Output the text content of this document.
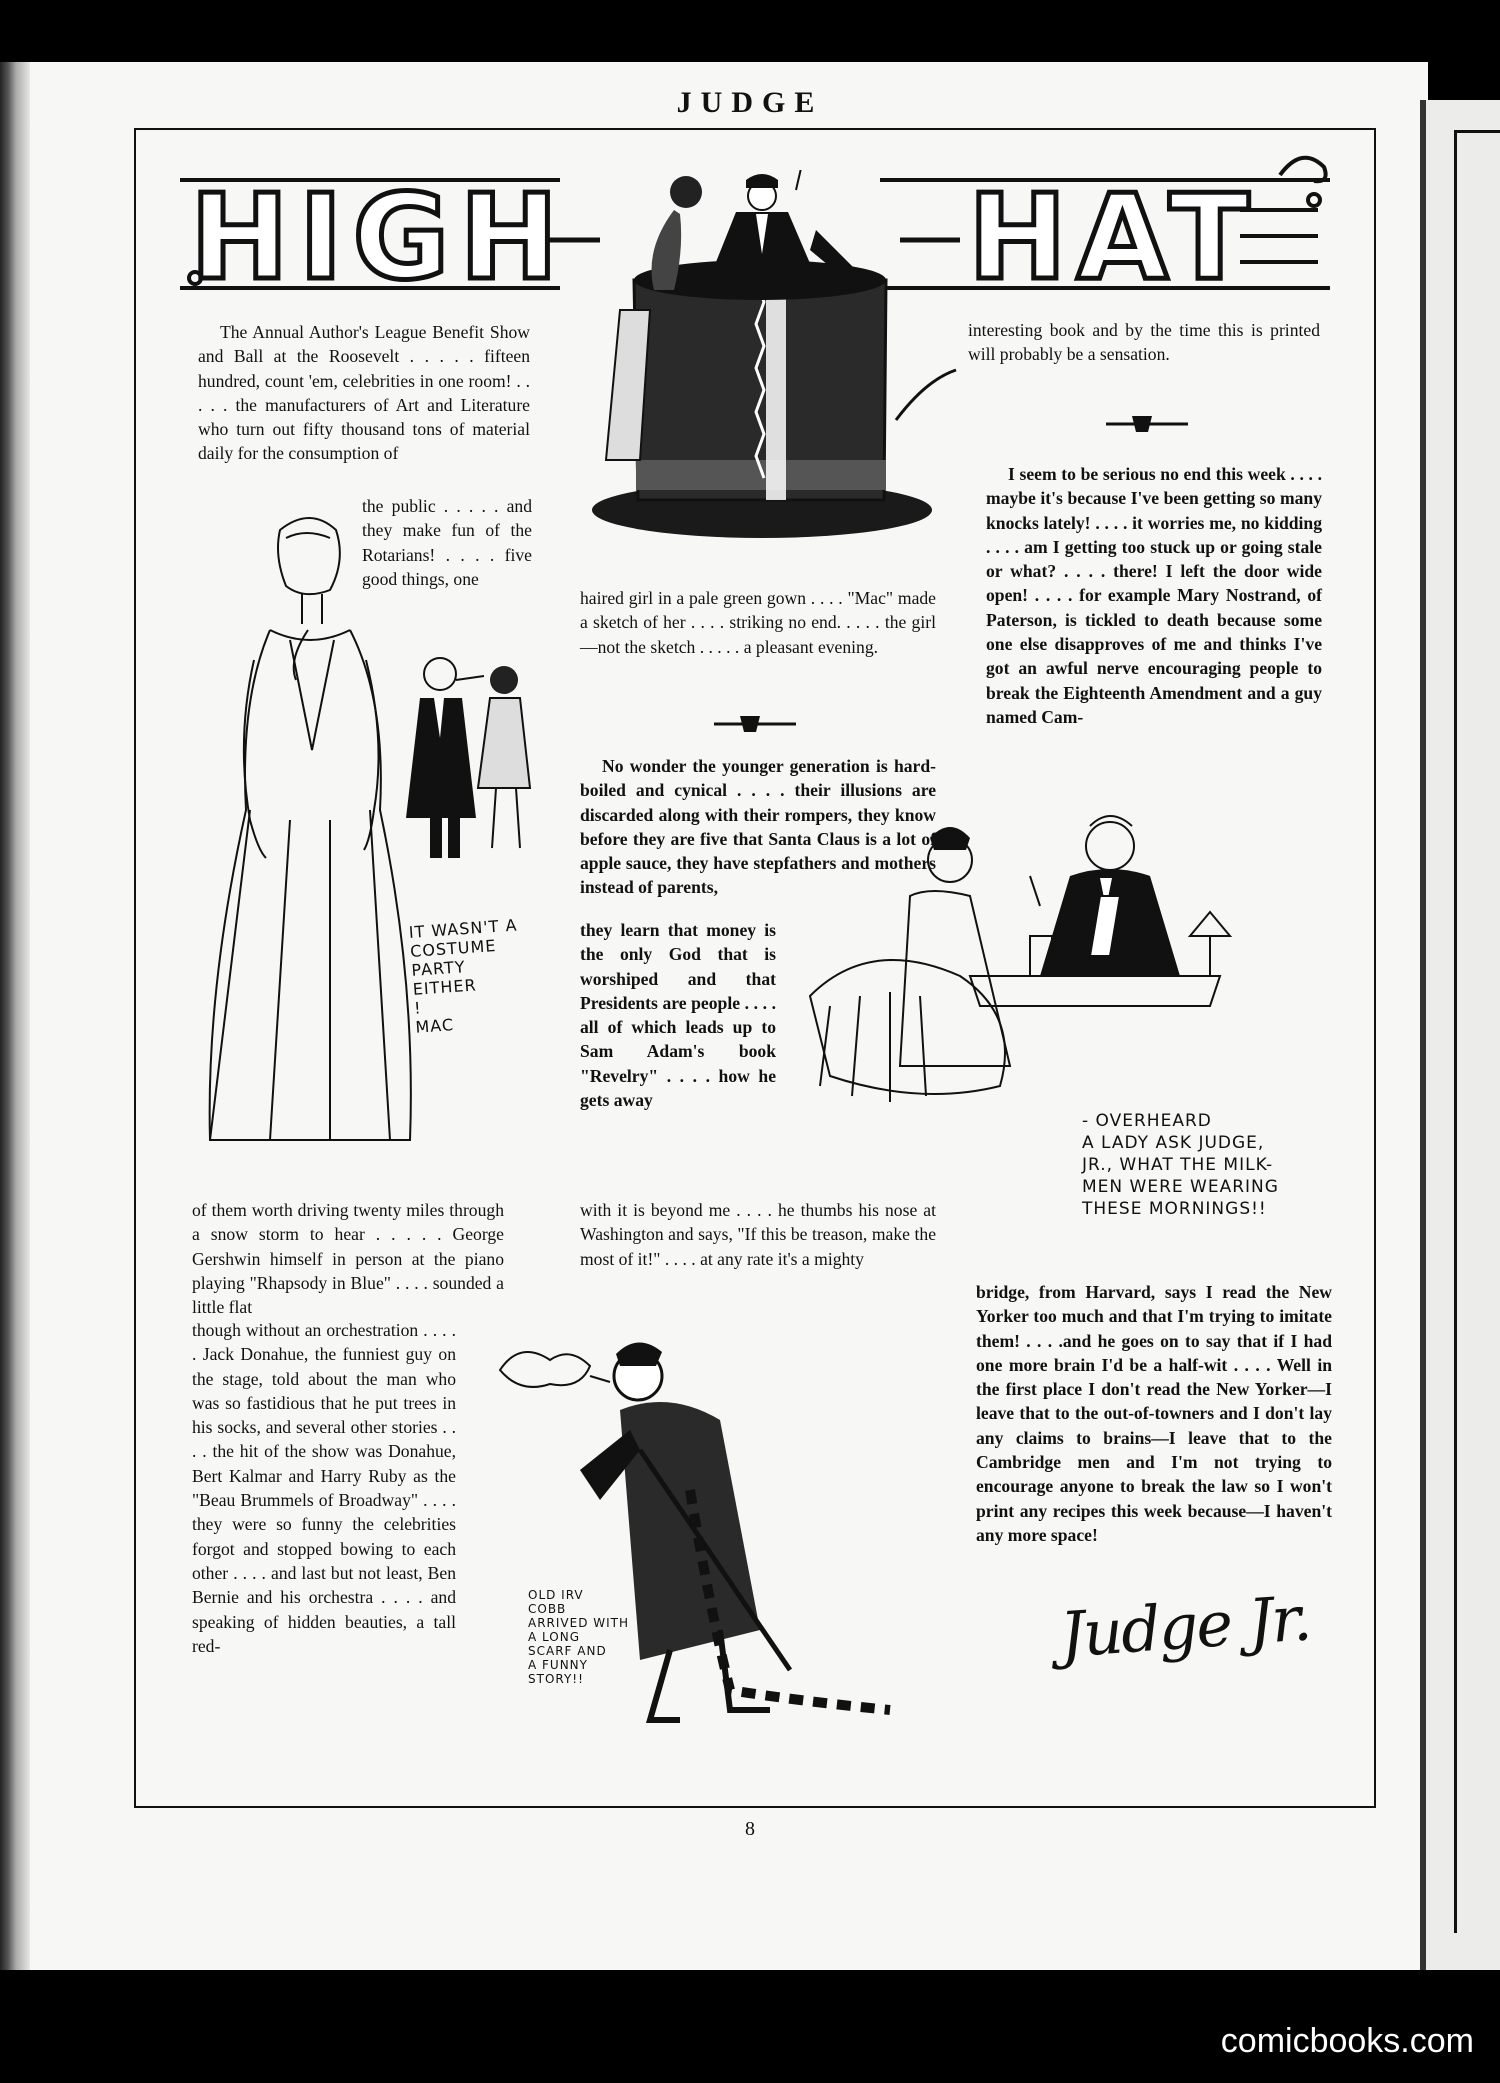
JUDGE
HIGH	HAT

The Annual Author's League Benefit Show and Ball at the Roosevelt . . . . . fifteen hundred, count 'em, celebrities in one room! . . . . . the manufacturers of Art and Literature who turn out fifty thousand tons of material daily for the consumption of

the public . . . . . and they make fun of the Rotarians! . . . . five good things, one

of them worth driving twenty miles through a snow storm to hear . . . . . George Gershwin himself in person at the piano playing "Rhapsody in Blue" . . . . sounded a little flat

though without an orchestration . . . . . Jack Donahue, the funniest guy on the stage, told about the man who was so fastidious that he put trees in his socks, and several other stories . . . . the hit of the show was Donahue, Bert Kalmar and Harry Ruby as the "Beau Brummels of Broadway" . . . . they were so funny the celebrities forgot and stopped bowing to each other . . . . and last but not least, Ben Bernie and his orchestra . . . . and speaking of hidden beauties, a tall red-

haired girl in a pale green gown . . . . "Mac" made a sketch of her . . . . striking no end. . . . . the girl—not the sketch . . . . . a pleasant evening.

No wonder the younger generation is hard-boiled and cynical . . . . their illusions are discarded along with their rompers, they know before they are five that Santa Claus is a lot of apple sauce, they have stepfathers and mothers instead of parents,

they learn that money is the only God that is worshiped and that Presidents are people . . . . all of which leads up to Sam Adam's book "Revelry" . . . . how he gets away

with it is beyond me . . . . he thumbs his nose at Washington and says, "If this be treason, make the most of it!" . . . . at any rate it's a mighty

interesting book and by the time this is printed will probably be a sensation.

I seem to be serious no end this week . . . . maybe it's because I've been getting so many knocks lately! . . . . it worries me, no kidding . . . . am I getting too stuck up or going stale or what? . . . . there! I left the door wide open! . . . . for example Mary Nostrand, of Paterson, is tickled to death because some one else disapproves of me and thinks I've got an awful nerve encouraging people to break the Eighteenth Amendment and a guy named Cam-

bridge, from Harvard, says I read the New Yorker too much and that I'm trying to imitate them! . . . .and he goes on to say that if I had one more brain I'd be a half-wit . . . . Well in the first place I don't read the New Yorker—I leave that to the out-of-towners and I don't lay any claims to brains—I leave that to the Cambridge men and I'm not trying to encourage anyone to break the law so I won't print any recipes this week because—I haven't any more space!

IT WASN'T A
COSTUME
PARTY
EITHER
!
MAC
- OVERHEARD
A LADY ASK JUDGE,
JR., WHAT THE MILK-
MEN WERE WEARING
THESE MORNINGS!!
OLD IRV
COBB
ARRIVED WITH
A LONG
SCARF AND
A FUNNY
STORY!!
Judge Jr.
8
comicbooks.com
